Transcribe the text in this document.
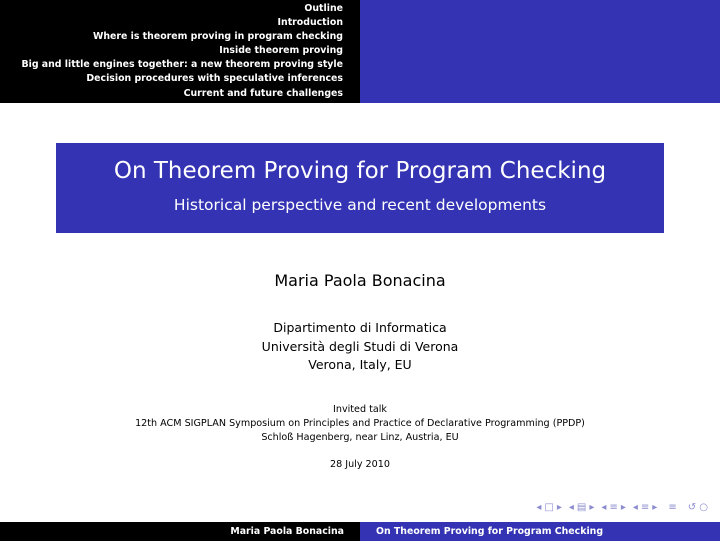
Outline
Introduction
Where is theorem proving in program checking
Inside theorem proving
Big and little engines together: a new theorem proving style
Decision procedures with speculative inferences
Current and future challenges
On Theorem Proving for Program Checking
Historical perspective and recent developments
Maria Paola Bonacina
Dipartimento di Informatica
Università degli Studi di Verona
Verona, Italy, EU
Invited talk
12th ACM SIGPLAN Symposium on Principles and Practice of Declarative Programming (PPDP)
Schloß Hagenberg, near Linz, Austria, EU
28 July 2010
◂ □ ▸ ◂ ▤ ▸ ◂ ≡ ▸ ◂ ≡ ▸ ≡ ↺ ○
Maria Paola Bonacina	On Theorem Proving for Program Checking
